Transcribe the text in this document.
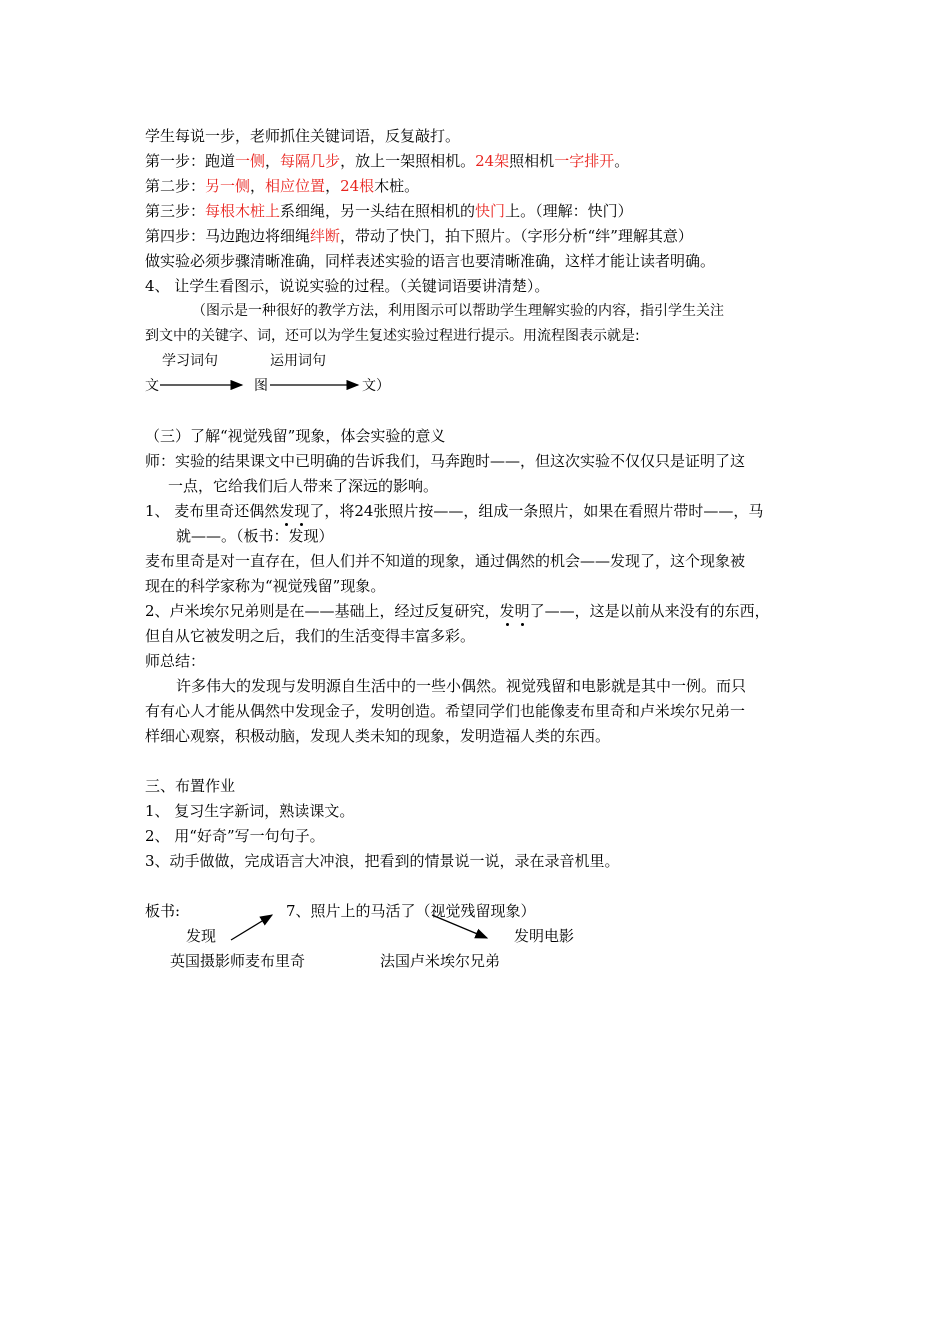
学生每说一步，老师抓住关键词语，反复敲打。
第一步：跑道一侧，每隔几步，放上一架照相机。24架照相机一字排开。
第二步：另一侧，相应位置，24根木桩。
第三步：每根木桩上系细绳，另一头结在照相机的快门上。（理解：快门）
第四步：马边跑边将细绳绊断，带动了快门，拍下照片。（字形分析“绊”理解其意）
做实验必须步骤清晰准确，同样表述实验的语言也要清晰准确，这样才能让读者明确。
4、 让学生看图示，说说实验的过程。（关键词语要讲清楚）。
（图示是一种很好的教学方法，利用图示可以帮助学生理解实验的内容，指引学生关注
到文中的关键字、词，还可以为学生复述实验过程进行提示。用流程图表示就是:
学习词句	运用词句
文	图	文）
（三）了解“视觉残留”现象，体会实验的意义
师：实验的结果课文中已明确的告诉我们，马奔跑时——，但这次实验不仅仅只是证明了这
一点，它给我们后人带来了深远的影响。
1、 麦布里奇还偶然发现了，将24张照片按——，组成一条照片，如果在看照片带时——，马
就——。（板书：发现）
麦布里奇是对一直存在，但人们并不知道的现象，通过偶然的机会——发现了，这个现象被
现在的科学家称为“视觉残留”现象。
2、卢米埃尔兄弟则是在——基础上，经过反复研究，发明了——，这是以前从来没有的东西，
但自从它被发明之后，我们的生活变得丰富多彩。
师总结：
许多伟大的发现与发明源自生活中的一些小偶然。视觉残留和电影就是其中一例。而只
有有心人才能从偶然中发现金子，发明创造。希望同学们也能像麦布里奇和卢米埃尔兄弟一
样细心观察，积极动脑，发现人类未知的现象，发明造福人类的东西。
三、布置作业
1、 复习生字新词，熟读课文。
2、 用“好奇”写一句句子。
3、动手做做，完成语言大冲浪，把看到的情景说一说，录在录音机里。
板书:	7、照片上的马活了（视觉残留现象）
发现	发明电影
英国摄影师麦布里奇	法国卢米埃尔兄弟
